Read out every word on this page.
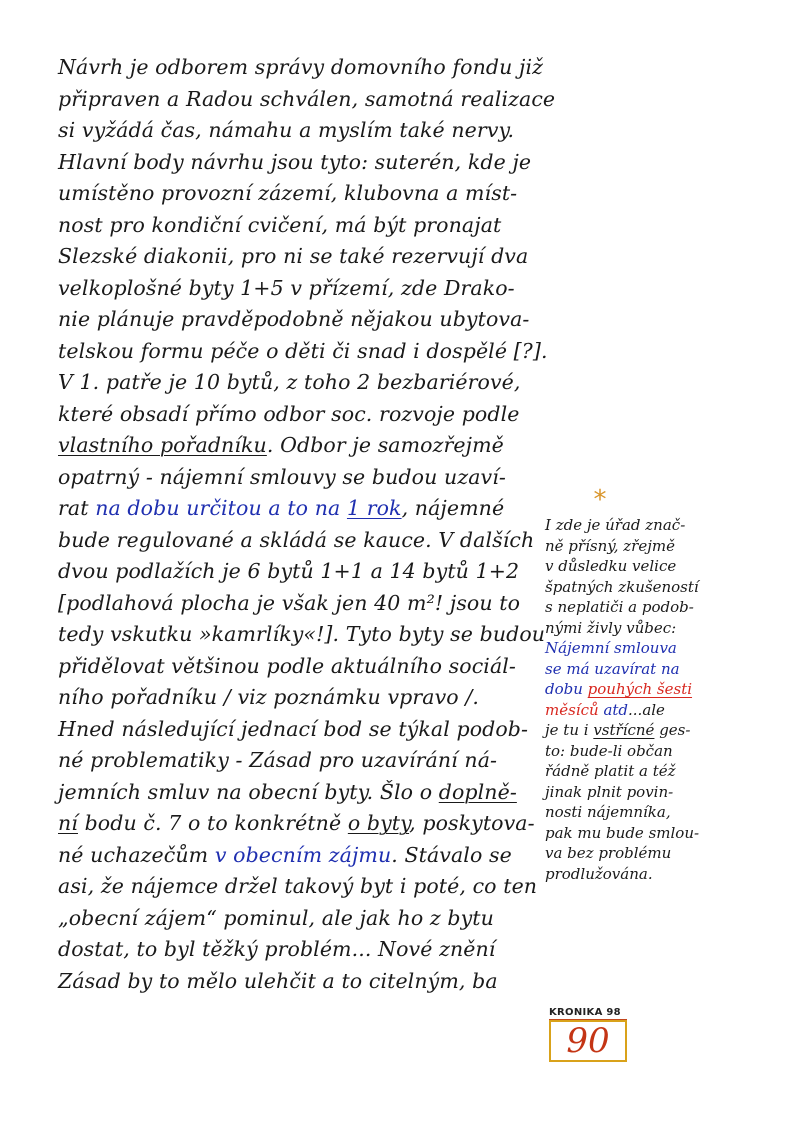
Návrh je odborem správy domovního fondu již
připraven a Radou schválen, samotná realizace
si vyžádá čas, námahu a myslím také nervy.
Hlavní body návrhu jsou tyto: suterén, kde je
umístěno provozní zázemí, klubovna a míst-
nost pro kondiční cvičení, má být pronajat
Slezské diakonii, pro ni se také rezervují dva
velkoplošné byty 1+5 v přízemí, zde Drako-
nie plánuje pravděpodobně nějakou ubytova-
telskou formu péče o děti či snad i dospělé [?].
V 1. patře je 10 bytů, z toho 2 bezbariérové,
které obsadí přímo odbor soc. rozvoje podle
vlastního pořadníku. Odbor je samozřejmě
opatrný - nájemní smlouvy se budou uzaví-
rat na dobu určitou a to na 1 rok, nájemné
bude regulované a skládá se kauce. V dalších
dvou podlažích je 6 bytů 1+1 a 14 bytů 1+2
[podlahová plocha je však jen 40 m²! jsou to
tedy vskutku »kamrlíky«!]. Tyto byty se budou
přidělovat většinou podle aktuálního sociál-
ního pořadníku / viz poznámku vpravo /.
Hned následující jednací bod se týkal podob-
né problematiky - Zásad pro uzavírání ná-
jemních smluv na obecní byty. Šlo o doplně-
ní bodu č. 7 o to konkrétně o byty, poskytova-
né uchazečům v obecním zájmu. Stávalo se
asi, že nájemce držel takový byt i poté, co ten
„obecní zájem“ pominul, ale jak ho z bytu
dostat, to byl těžký problém... Nové znění
Zásad by to mělo ulehčit a to citelným, ba
*
I zde je úřad znač-
ně přísný, zřejmě
v důsledku velice
špatných zkušeností
s neplatiči a podob-
nými živly vůbec:
Nájemní smlouva
se má uzavírat na
dobu pouhých šesti
měsíců atd...ale
je tu i vstřícné ges-
to: bude-li občan
řádně platit a též
jinak plnit povin-
nosti nájemníka,
pak mu bude smlou-
va bez problému
prodlužována.
KRONIKA 98
90
